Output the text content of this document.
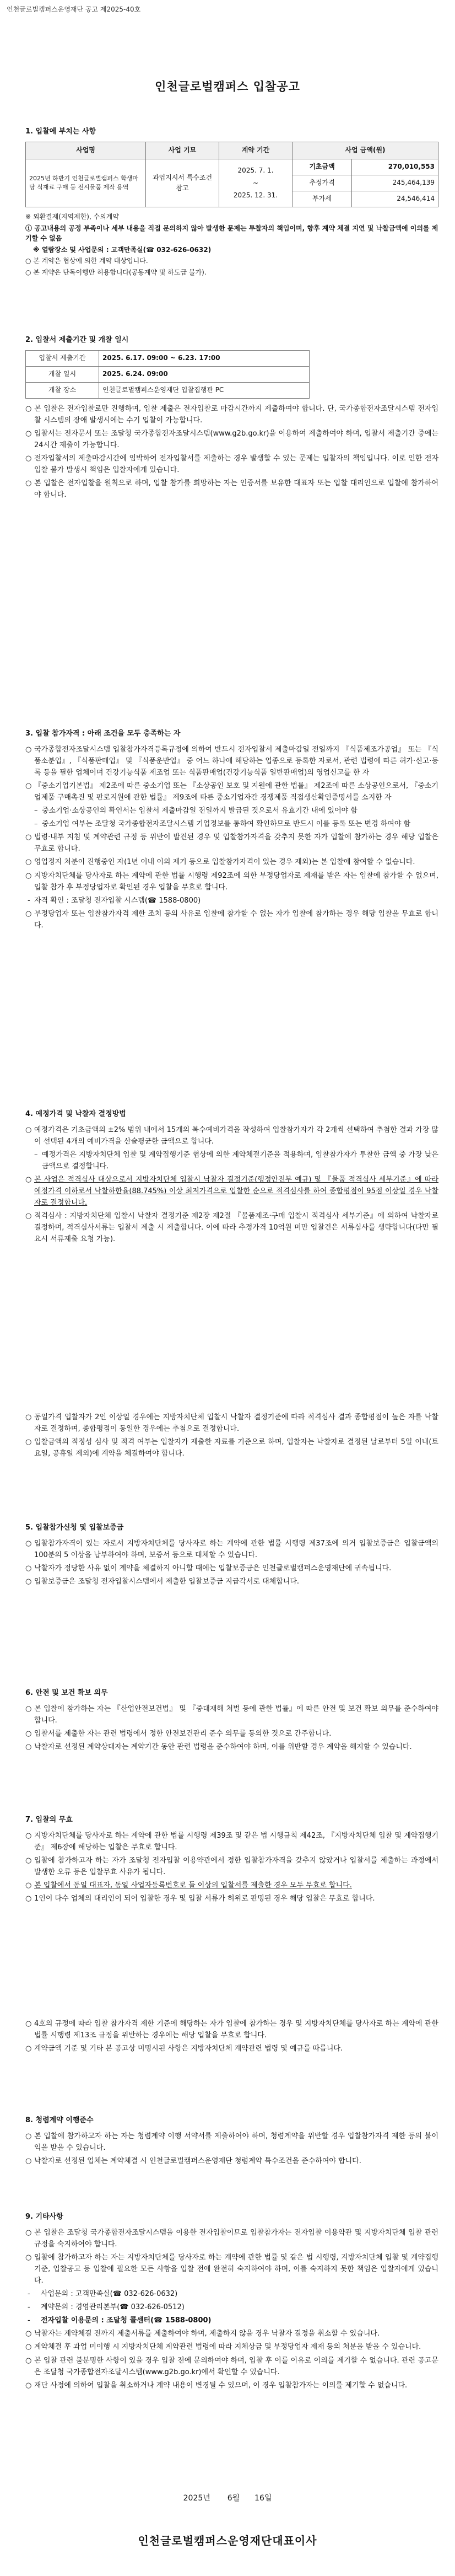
인천글로벌캠퍼스운영재단 공고 제2025-40호
인천글로벌캠퍼스 입찰공고
1. 입찰에 부치는 사항
사업명	사업 기묘	계약 기간	사업 금액(원)	
2025년 하반기 인천글로벌캠퍼스 학생마당 식재료 구매 등 전시물품 제작 용역	과업지시서 특수조건 참고	2025. 7. 1.
~
2025. 12. 31.	기초금액	270,010,553
			추정가격	245,464,139
			부가세	24,546,414

※ 외환결제(지역제한), 수의계약

ⓘ 공고내용의 공정 부족이나 세부 내용을 직접 문의하지 않아 발생한 문제는 투찰자의 책임이며, 향후 계약 체결 지연 및 낙찰금액에 이의를 제기할 수 없음

※ 열람장소 및 사업문의 : 고객만족실(☎ 032-626-0632)

○ 본 계약은 협상에 의한 계약 대상입니다.

○ 본 계약은 단독이행만 허용합니다(공동계약 및 하도급 불가).

2. 입찰서 제출기간 및 개찰 일시
입찰서 제출기간	2025. 6.17. 09:00 ~ 6.23. 17:00
개찰 일시	2025. 6.24. 09:00
개찰 장소	인천글로벌캠퍼스운영재단 입찰집행관 PC
○ 본 입찰은 전자입찰로만 진행하며, 입찰 제출은 전자입찰로 마감시간까지 제출하여야 합니다. 단, 국가종합전자조달시스템 전자입찰 시스템의 장애 발생시에는 수기 입찰이 가능합니다.
○ 입찰서는 전자문서 또는 조달청 국가종합전자조달시스템(www.g2b.go.kr)을 이용하여 제출하여야 하며, 입찰서 제출기간 중에는 24시간 제출이 가능합니다.
○ 전자입찰서의 제출마감시간에 임박하여 전자입찰서를 제출하는 경우 발생할 수 있는 문제는 입찰자의 책임입니다. 이로 인한 전자입찰 불가 발생시 책임은 입찰자에게 있습니다.
○ 본 입찰은 전자입찰을 원칙으로 하며, 입찰 참가를 희망하는 자는 인증서를 보유한 대표자 또는 입찰 대리인으로 입찰에 참가하여야 합니다.
3. 입찰 참가자격 : 아래 조건을 모두 충족하는 자
○ 국가종합전자조달시스템 입찰참가자격등록규정에 의하여 반드시 전자입찰서 제출마감일 전일까지 『식품제조가공업』 또는 『식품소분업』, 『식품판매업』 및 『식품운반업』 중 어느 하나에 해당하는 업종으로 등록한 자로서, 관련 법령에 따른 허가·신고·등록 등을 필한 업체이며 건강기능식품 제조업 또는 식품판매업(건강기능식품 일반판매업)의 영업신고를 한 자
○ 『중소기업기본법』 제2조에 따른 중소기업 또는 『소상공인 보호 및 지원에 관한 법률』 제2조에 따른 소상공인으로서, 『중소기업제품 구매촉진 및 판로지원에 관한 법률』 제9조에 따른 중소기업자간 경쟁제품 직접생산확인증명서를 소지한 자
– 중소기업·소상공인의 확인서는 입찰서 제출마감일 전일까지 발급된 것으로서 유효기간 내에 있어야 함
– 중소기업 여부는 조달청 국가종합전자조달시스템 기업정보를 통하여 확인하므로 반드시 이를 등록 또는 변경 하여야 함
○ 법령·내부 지침 및 계약관련 규정 등 위반이 발견된 경우 및 입찰참가자격을 갖추지 못한 자가 입찰에 참가하는 경우 해당 입찰은 무효로 합니다.
○ 영업정지 처분이 진행중인 자(1년 이내 이의 제기 등으로 입찰참가자격이 있는 경우 제외)는 본 입찰에 참여할 수 없습니다.
○ 지방자치단체를 당사자로 하는 계약에 관한 법률 시행령 제92조에 의한 부정당업자로 제재를 받은 자는 입찰에 참가할 수 없으며, 입찰 참가 후 부정당업자로 확인된 경우 입찰을 무효로 합니다.
- 자격 확인 : 조달청 전자입찰 시스템(☎ 1588-0800)
○ 부정당업자 또는 입찰참가자격 제한 조치 등의 사유로 입찰에 참가할 수 없는 자가 입찰에 참가하는 경우 해당 입찰을 무효로 합니다.
4. 예정가격 및 낙찰자 결정방법
○ 예정가격은 기초금액의 ±2% 범위 내에서 15개의 복수예비가격을 작성하여 입찰참가자가 각 2개씩 선택하여 추첨한 결과 가장 많이 선택된 4개의 예비가격을 산술평균한 금액으로 합니다.
– 예정가격은 지방자치단체 입찰 및 계약집행기준 협상에 의한 계약체결기준을 적용하며, 입찰참가자가 투찰한 금액 중 가장 낮은 금액으로 결정합니다.
○ 본 사업은 적격심사 대상으로서 지방자치단체 입찰시 낙찰자 결정기준(행정안전부 예규) 및 『물품 적격심사 세부기준』에 따라 예정가격 이하로서 낙찰하한율(88.745%) 이상 최저가격으로 입찰한 순으로 적격심사를 하여 종합평점이 95점 이상일 경우 낙찰자로 결정합니다.
○ 적격심사 : 지방자치단체 입찰시 낙찰자 결정기준 제2장 제2절 『물품제조·구매 입찰시 적격심사 세부기준』에 의하여 낙찰자로 결정하며, 적격심사서류는 입찰서 제출 시 제출합니다. 이에 따라 추정가격 10억원 미만 입찰건은 서류심사를 생략합니다(다만 필요시 서류제출 요청 가능).
○ 동일가격 입찰자가 2인 이상일 경우에는 지방자치단체 입찰시 낙찰자 결정기준에 따라 적격심사 결과 종합평점이 높은 자를 낙찰자로 결정하며, 종합평점이 동일한 경우에는 추첨으로 결정합니다.
○ 입찰금액의 적정성 심사 및 적격 여부는 입찰자가 제출한 자료를 기준으로 하며, 입찰자는 낙찰자로 결정된 날로부터 5일 이내(토요일, 공휴일 제외)에 계약을 체결하여야 합니다.
5. 입찰참가신청 및 입찰보증금
○ 입찰참가자격이 있는 자로서 지방자치단체를 당사자로 하는 계약에 관한 법률 시행령 제37조에 의거 입찰보증금은 입찰금액의 100분의 5 이상을 납부하여야 하며, 보증서 등으로 대체할 수 있습니다.
○ 낙찰자가 정당한 사유 없이 계약을 체결하지 아니할 때에는 입찰보증금은 인천글로벌캠퍼스운영재단에 귀속됩니다.
○ 입찰보증금은 조달청 전자입찰시스템에서 제출한 입찰보증금 지급각서로 대체합니다.
6. 안전 및 보건 확보 의무
○ 본 입찰에 참가하는 자는 『산업안전보건법』 및 『중대재해 처벌 등에 관한 법률』에 따른 안전 및 보건 확보 의무를 준수하여야 합니다.
○ 입찰서를 제출한 자는 관련 법령에서 정한 안전보건관리 준수 의무를 동의한 것으로 간주합니다.
○ 낙찰자로 선정된 계약상대자는 계약기간 동안 관련 법령을 준수하여야 하며, 이를 위반할 경우 계약을 해지할 수 있습니다.
7. 입찰의 무효
○ 지방자치단체를 당사자로 하는 계약에 관한 법률 시행령 제39조 및 같은 법 시행규칙 제42조, 『지방자치단체 입찰 및 계약집행기준』 제6장에 해당하는 입찰은 무효로 합니다.
○ 입찰에 참가하고자 하는 자가 조달청 전자입찰 이용약관에서 정한 입찰참가자격을 갖추지 않았거나 입찰서를 제출하는 과정에서 발생한 오류 등은 입찰무효 사유가 됩니다.
○ 본 입찰에서 동일 대표자, 동일 사업자등록번호로 둘 이상의 입찰서를 제출한 경우 모두 무효로 합니다.
○ 1인이 다수 업체의 대리인이 되어 입찰한 경우 및 입찰 서류가 허위로 판명된 경우 해당 입찰은 무효로 합니다.
○ 4호의 규정에 따라 입찰 참가자격 제한 기준에 해당하는 자가 입찰에 참가하는 경우 및 지방자치단체를 당사자로 하는 계약에 관한 법률 시행령 제13조 규정을 위반하는 경우에는 해당 입찰을 무효로 합니다.
○ 계약금액 기준 및 기타 본 공고상 미명시된 사항은 지방자치단체 계약관련 법령 및 예규를 따릅니다.
8. 청렴계약 이행준수
○ 본 입찰에 참가하고자 하는 자는 청렴계약 이행 서약서를 제출하여야 하며, 청렴계약을 위반할 경우 입찰참가자격 제한 등의 불이익을 받을 수 있습니다.
○ 낙찰자로 선정된 업체는 계약체결 시 인천글로벌캠퍼스운영재단 청렴계약 특수조건을 준수하여야 합니다.
9. 기타사항
○ 본 입찰은 조달청 국가종합전자조달시스템을 이용한 전자입찰이므로 입찰참가자는 전자입찰 이용약관 및 지방자치단체 입찰 관련 규정을 숙지하여야 합니다.
○ 입찰에 참가하고자 하는 자는 지방자치단체를 당사자로 하는 계약에 관한 법률 및 같은 법 시행령, 지방자치단체 입찰 및 계약집행기준, 입찰공고 등 입찰에 필요한 모든 사항을 입찰 전에 완전히 숙지하여야 하며, 이를 숙지하지 못한 책임은 입찰자에게 있습니다.
- 사업문의 : 고객만족실(☎ 032-626-0632)
- 계약문의 : 경영관리본부(☎ 032-626-0512)
- 전자입찰 이용문의 : 조달청 콜센터(☎ 1588-0800)
○ 낙찰자는 계약체결 전까지 제출서류를 제출하여야 하며, 제출하지 않을 경우 낙찰자 결정을 취소할 수 있습니다.
○ 계약체결 후 과업 미이행 시 지방자치단체 계약관련 법령에 따라 지체상금 및 부정당업자 제재 등의 처분을 받을 수 있습니다.
○ 본 입찰 관련 불분명한 사항이 있을 경우 입찰 전에 문의하여야 하며, 입찰 후 이를 이유로 이의를 제기할 수 없습니다. 관련 공고문은 조달청 국가종합전자조달시스템(www.g2b.go.kr)에서 확인할 수 있습니다.
○ 재단 사정에 의하여 입찰을 취소하거나 계약 내용이 변경될 수 있으며, 이 경우 입찰참가자는 이의를 제기할 수 없습니다.
2025년 6월 16일
인천글로벌캠퍼스운영재단대표이사
